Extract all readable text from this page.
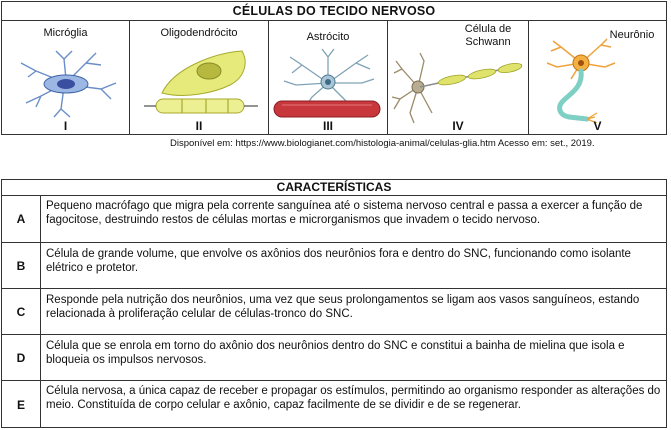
CÉLULAS DO TECIDO NERVOSO
Micróglia
I
Oligodendrócito
II
Astrócito
III
Célula de Schwann
IV
Neurônio
V
Disponível em: https://www.biologianet.com/histologia-animal/celulas-glia.htm Acesso em: set., 2019.
CARACTERÍSTICAS
A
Pequeno macrófago que migra pela corrente sanguínea até o sistema nervoso central e passa a exercer a função de fagocitose, destruindo restos de células mortas e microrganismos que invadem o tecido nervoso.
B
Célula de grande volume, que envolve os axônios dos neurônios fora e dentro do SNC, funcionando como isolante elétrico e protetor.
C
Responde pela nutrição dos neurônios, uma vez que seus prolongamentos se ligam aos vasos sanguíneos, estando relacionada à proliferação celular de células-tronco do SNC.
D
Célula que se enrola em torno do axônio dos neurônios dentro do SNC e constitui a bainha de mielina que isola e bloqueia os impulsos nervosos.
E
Célula nervosa, a única capaz de receber e propagar os estímulos, permitindo ao organismo responder as alterações do meio. Constituída de corpo celular e axônio, capaz facilmente de se dividir e de se regenerar.
